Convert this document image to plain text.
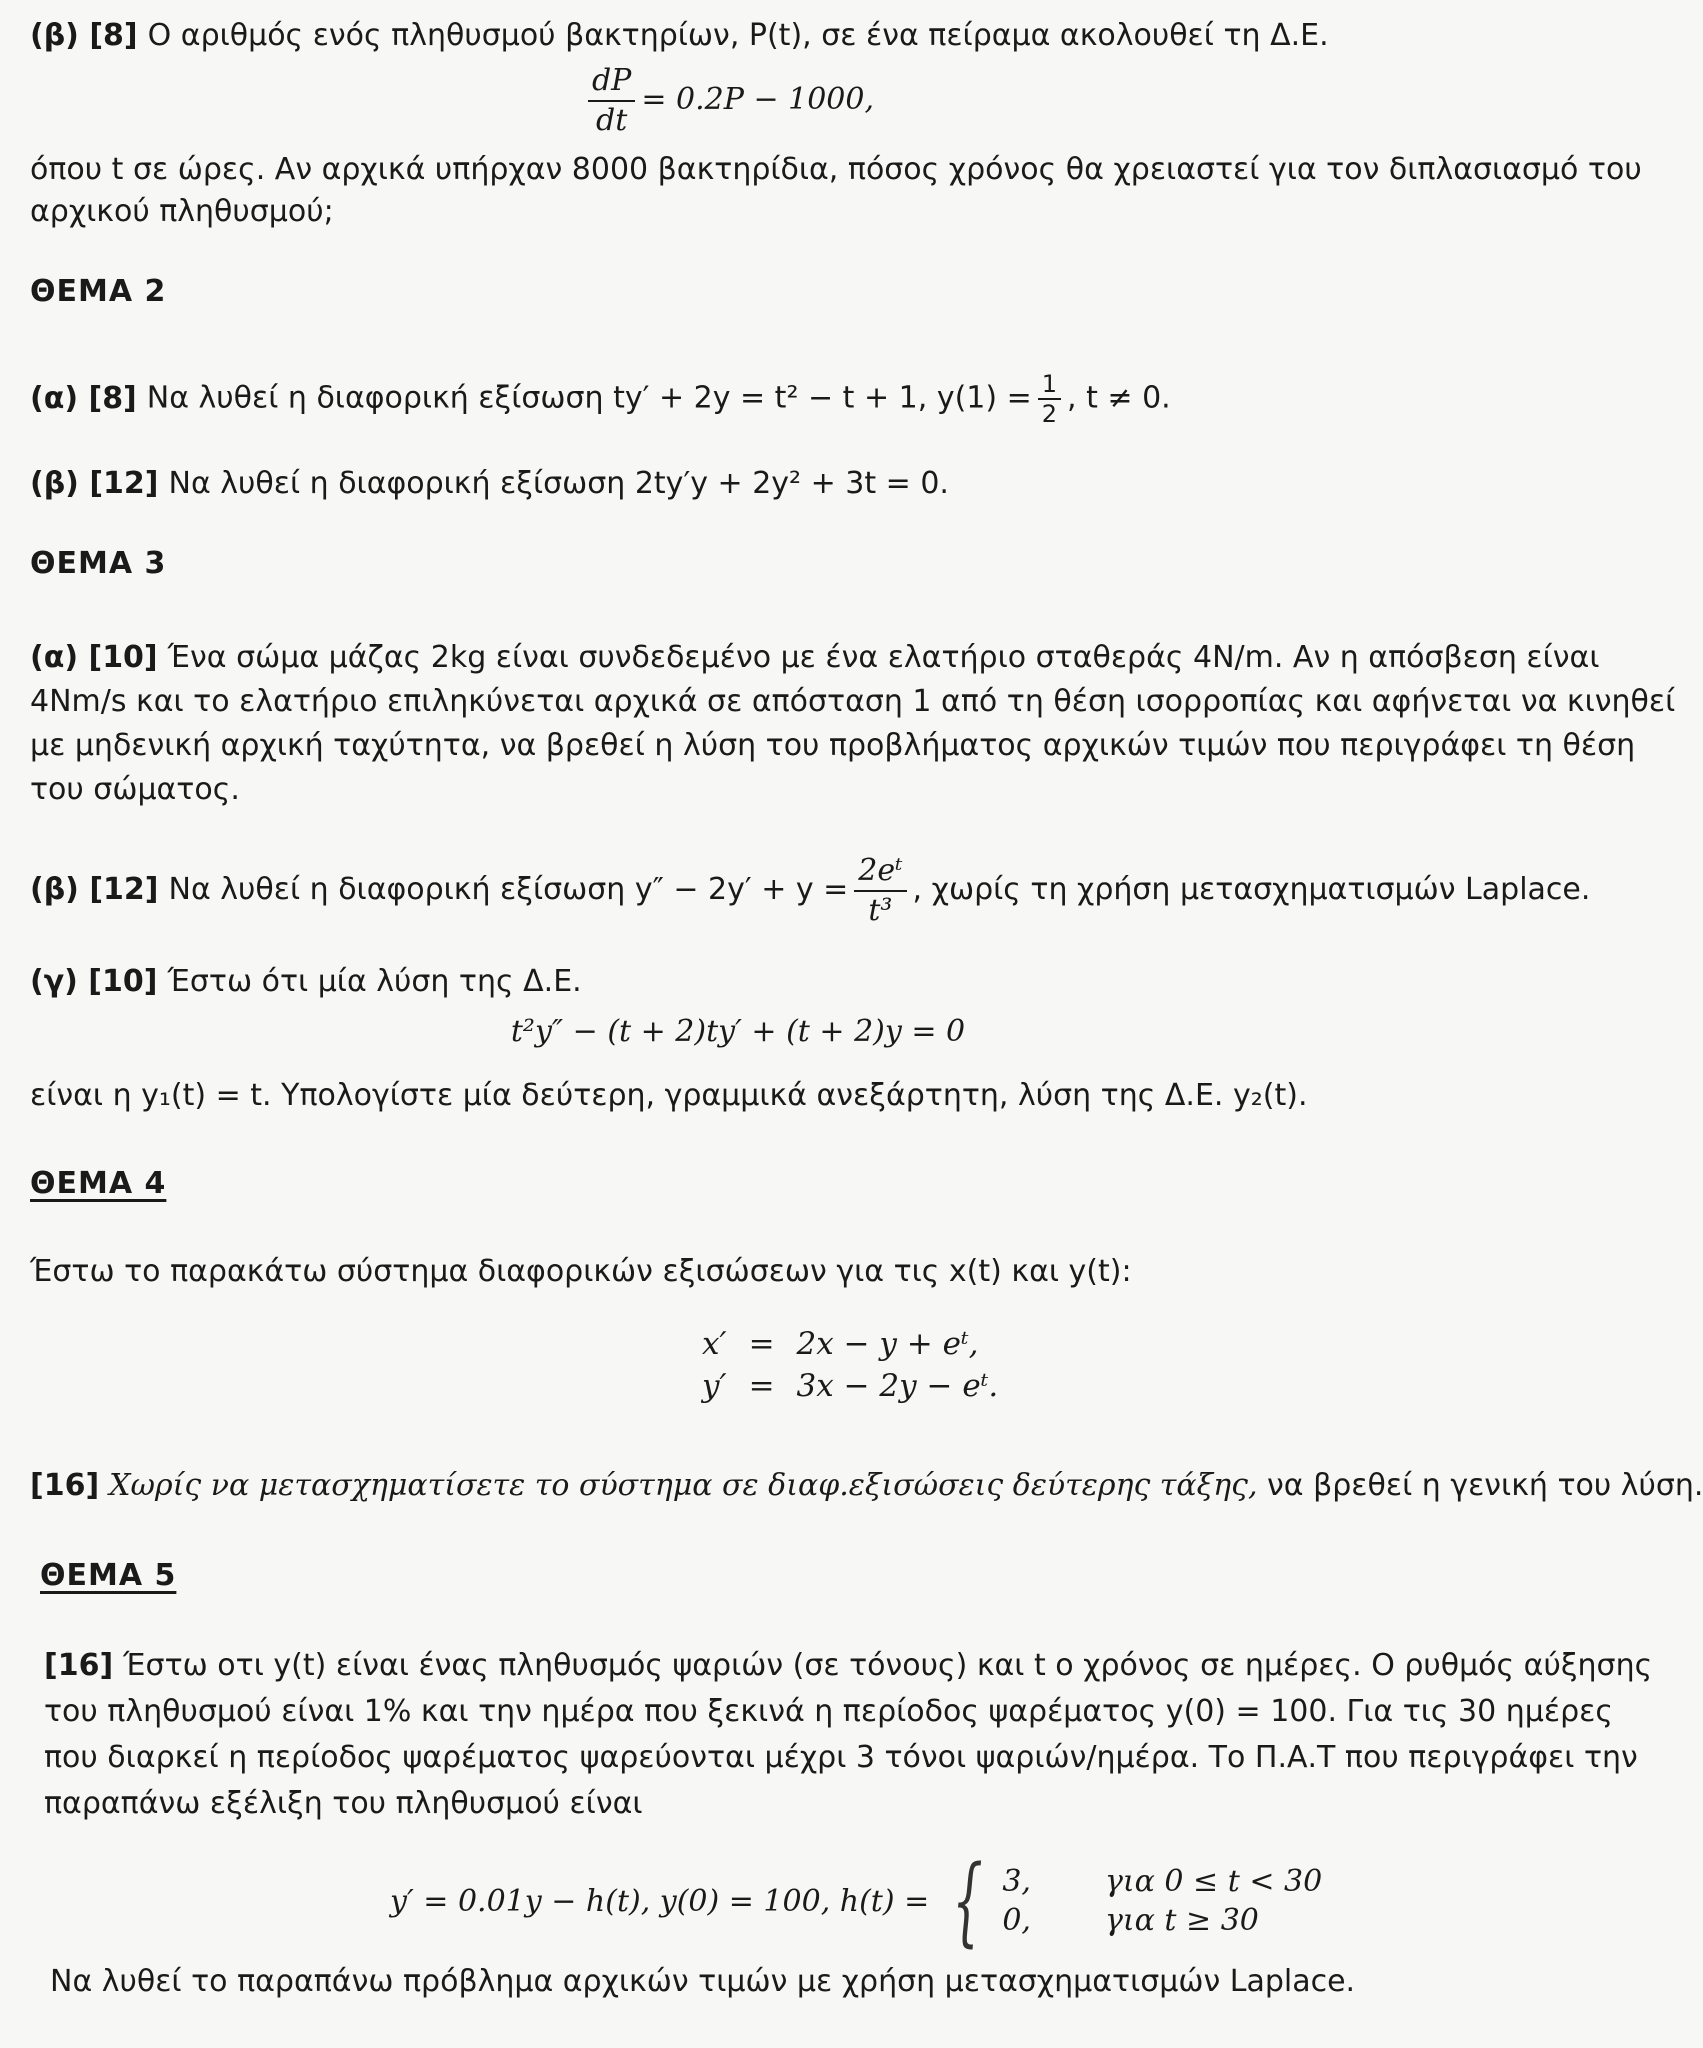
(β) [8] Ο αριθμός ενός πληθυσμού βακτηρίων, P(t), σε ένα πείραμα ακολουθεί τη Δ.Ε.
$\frac{dP}{dt} = 0.2P - 1000$,
όπου t σε ώρες. Αν αρχικά υπήρχαν 8000 βακτηρίδια, πόσος χρόνος θα χρειαστεί για τον διπλασιασμό του
αρχικού πληθυσμού;
ΘΕΜΑ 2
(α) [8] Να λυθεί η διαφορική εξίσωση ty′ + 2y = t² − t + 1, $y(1) = \frac{1}{2}$ , t ≠ 0.
(β) [12] Να λυθεί η διαφορική εξίσωση 2ty′y + 2y² + 3t = 0.
ΘΕΜΑ 3
(α) [10] Ένα σώμα μάζας 2kg είναι συνδεδεμένο με ένα ελατήριο σταθεράς 4N/m. Αν η απόσβεση είναι
4Nm/s και το ελατήριο επιληκύνεται αρχικά σε απόσταση 1 από τη θέση ισορροπίας και αφήνεται να κινηθεί
με μηδενική αρχική ταχύτητα, να βρεθεί η λύση του προβλήματος αρχικών τιμών που περιγράφει τη θέση
του σώματος.
(β) [12] Να λυθεί η διαφορική εξίσωση $y'' - 2y' + y = \frac{\text{2eᵗ}}{\text{t³}}$ , χωρίς τη χρήση μετασχηματισμών Laplace.
(γ) [10] Έστω ότι μία λύση της Δ.Ε.
t²y″ − (t + 2)ty′ + (t + 2)y = 0
είναι η y₁(t) = t. Υπολογίστε μία δεύτερη, γραμμικά ανεξάρτητη, λύση της Δ.Ε. y₂(t).
ΘΕΜΑ 4
Έστω το παρακάτω σύστημα διαφορικών εξισώσεων για τις x(t) και y(t):
x′	=	2x − y + eᵗ,
y′	=	3x − 2y − eᵗ.
[16] Χωρίς να μετασχηματίσετε το σύστημα σε διαφ.εξισώσεις δεύτερης τάξης, να βρεθεί η γενική του λύση.
ΘΕΜΑ 5
[16] Έστω οτι y(t) είναι ένας πληθυσμός ψαριών (σε τόνους) και t ο χρόνος σε ημέρες. Ο ρυθμός αύξησης
του πληθυσμού είναι 1% και την ημέρα που ξεκινά η περίοδος ψαρέματος y(0) = 100. Για τις 30 ημέρες
που διαρκεί η περίοδος ψαρέματος ψαρεύονται μέχρι 3 τόνοι ψαριών/ημέρα. Το Π.Α.Τ που περιγράφει την
παραπάνω εξέλιξη του πληθυσμού είναι
y′ = 0.01y − h(t), y(0) = 100, h(t) = { 3,	για 0 ≤ t < 30
0,	για t ≥ 30
Να λυθεί το παραπάνω πρόβλημα αρχικών τιμών με χρήση μετασχηματισμών Laplace.
